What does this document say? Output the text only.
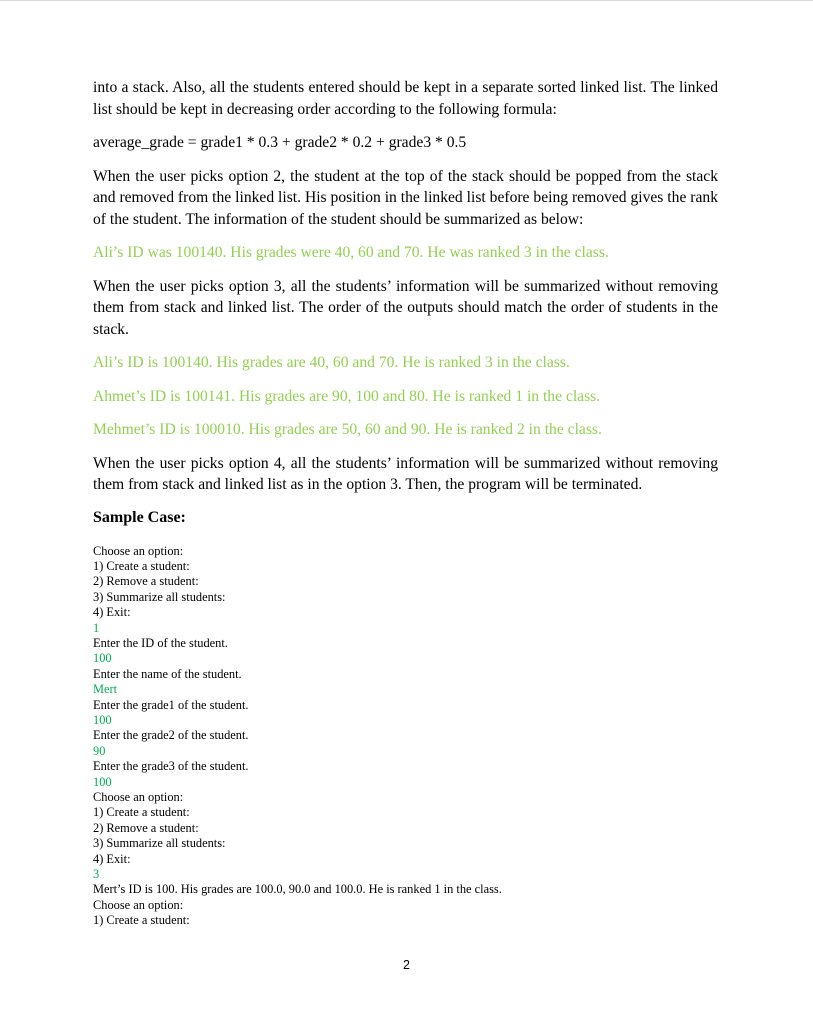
into a stack. Also, all the students entered should be kept in a separate sorted linked list. The linked list should be kept in decreasing order according to the following formula:

average_grade = grade1 * 0.3 + grade2 * 0.2 + grade3 * 0.5

When the user picks option 2, the student at the top of the stack should be popped from the stack and removed from the linked list. His position in the linked list before being removed gives the rank of the student. The information of the student should be summarized as below:

Ali’s ID was 100140. His grades were 40, 60 and 70. He was ranked 3 in the class.

When the user picks option 3, all the students’ information will be summarized without removing them from stack and linked list. The order of the outputs should match the order of students in the stack.

Ali’s ID is 100140. His grades are 40, 60 and 70. He is ranked 3 in the class.

Ahmet’s ID is 100141. His grades are 90, 100 and 80. He is ranked 1 in the class.

Mehmet’s ID is 100010. His grades are 50, 60 and 90. He is ranked 2 in the class.

When the user picks option 4, all the students’ information will be summarized without removing them from stack and linked list as in the option 3. Then, the program will be terminated.

Sample Case:
Choose an option:
1) Create a student:
2) Remove a student:
3) Summarize all students:
4) Exit:
1
Enter the ID of the student.
100
Enter the name of the student.
Mert
Enter the grade1 of the student.
100
Enter the grade2 of the student.
90
Enter the grade3 of the student.
100
Choose an option:
1) Create a student:
2) Remove a student:
3) Summarize all students:
4) Exit:
3
Mert’s ID is 100. His grades are 100.0, 90.0 and 100.0. He is ranked 1 in the class.
Choose an option:
1) Create a student:
2
